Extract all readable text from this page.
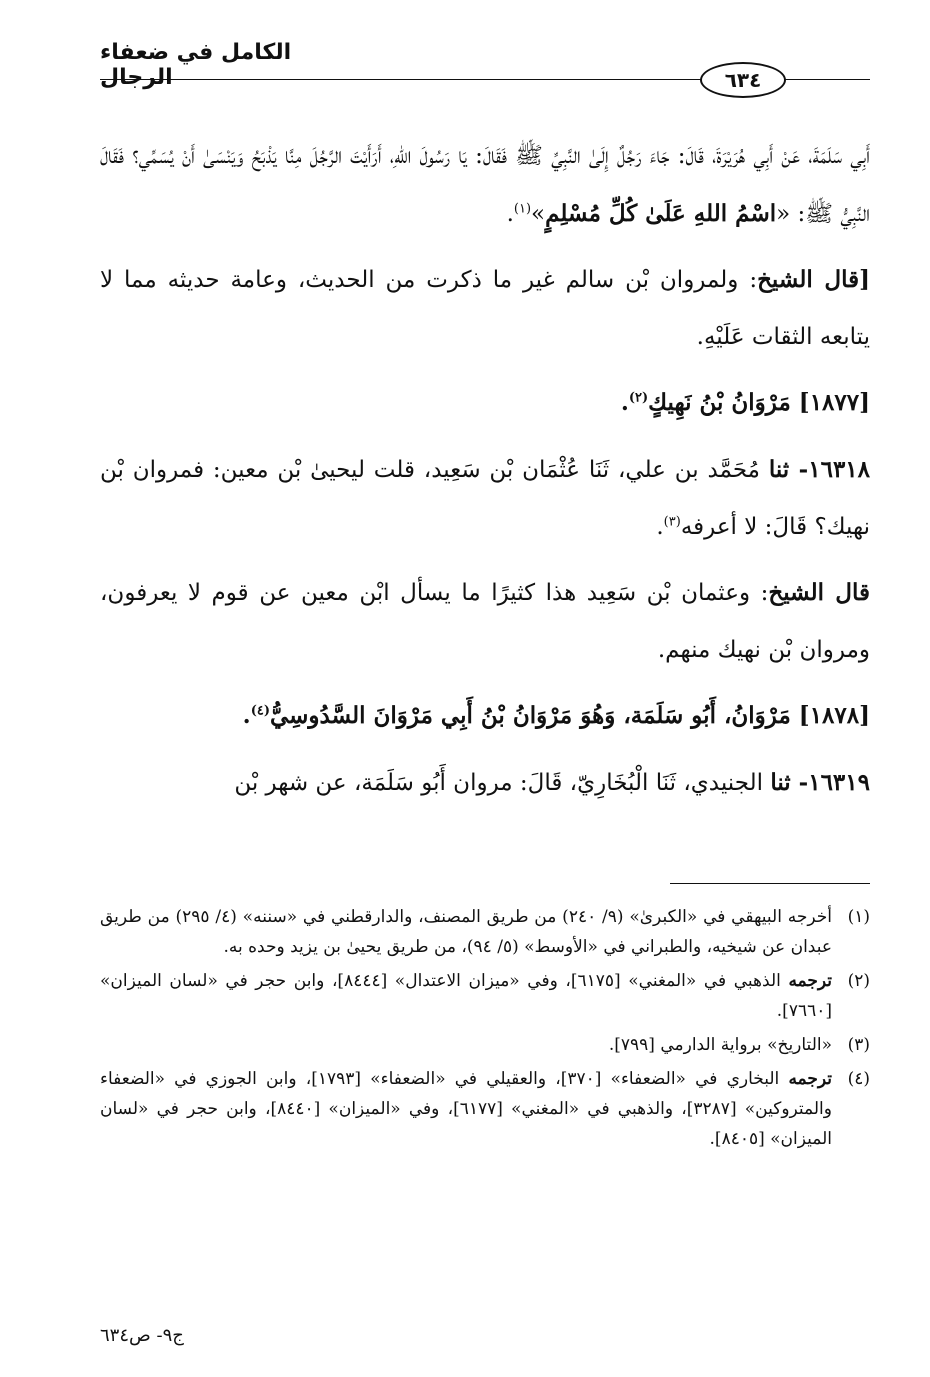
الكامل في ضعفاء الرجال	٦٣٤

أَبِي سَلَمَةَ، عَنْ أَبِي هُرَيْرَةَ، قَالَ: جَاءَ رَجُلٌ إِلَىٰ النَّبِيِّ ﷺ فَقَالَ: يَا رَسُولَ اللهِ، أَرَأَيْتَ الرَّجُلَ مِنَّا يَذْبَحُ وَيَنْسَىٰ أَنْ يُسَمِّي؟ فَقَالَ النَّبِيُّ ﷺ: «اسْمُ اللهِ عَلَىٰ كُلِّ مُسْلِمٍ»$^{(١)}$.

[قال الشيخ: ولمروان بْن سالم غير ما ذكرت من الحديث، وعامة حديثه مما لا يتابعه الثقات عَلَيْهِ.

[١٨٧٧] مَرْوَانُ بْنُ نَهِيكٍ$^{(٢)}$.

١٦٣١٨- ثنا مُحَمَّد بن علي، ثَنَا عُثْمَان بْن سَعِيد، قلت ليحيىٰ بْن معين: فمروان بْن نهيك؟ قَالَ: لا أعرفه$^{(٣)}$.

قال الشيخ: وعثمان بْن سَعِيد هذا كثيرًا ما يسأل ابْن معين عن قوم لا يعرفون، ومروان بْن نهيك منهم.

[١٨٧٨] مَرْوَانُ، أَبُو سَلَمَة، وَهُوَ مَرْوَانُ بْنُ أَبِي مَرْوَانَ السَّدُوسِيُّ$^{(٤)}$.

١٦٣١٩- ثنا الجنيدي، ثَنَا الْبُخَارِيّ، قَالَ: مروان أَبُو سَلَمَة، عن شهر بْن

(١)
أخرجه البيهقي في «الكبرىٰ» (٩/ ٢٤٠) من طريق المصنف، والدارقطني في «سننه» (٤/ ٢٩٥) من طريق عبدان عن شيخيه، والطبراني في «الأوسط» (٥/ ٩٤)، من طريق يحيىٰ بن يزيد وحده به.
(٢)
ترجمه الذهبي في «المغني» [٦١٧٥]، وفي «ميزان الاعتدال» [٨٤٤٤]، وابن حجر في «لسان الميزان» [٧٦٦٠].
(٣)
«التاريخ» برواية الدارمي [٧٩٩].
(٤)
ترجمه البخاري في «الضعفاء» [٣٧٠]، والعقيلي في «الضعفاء» [١٧٩٣]، وابن الجوزي في «الضعفاء والمتروكين» [٣٢٨٧]، والذهبي في «المغني» [٦١٧٧]، وفي «الميزان» [٨٤٤٠]، وابن حجر في «لسان الميزان» [٨٤٠٥].
ج٩- ص٦٣٤
